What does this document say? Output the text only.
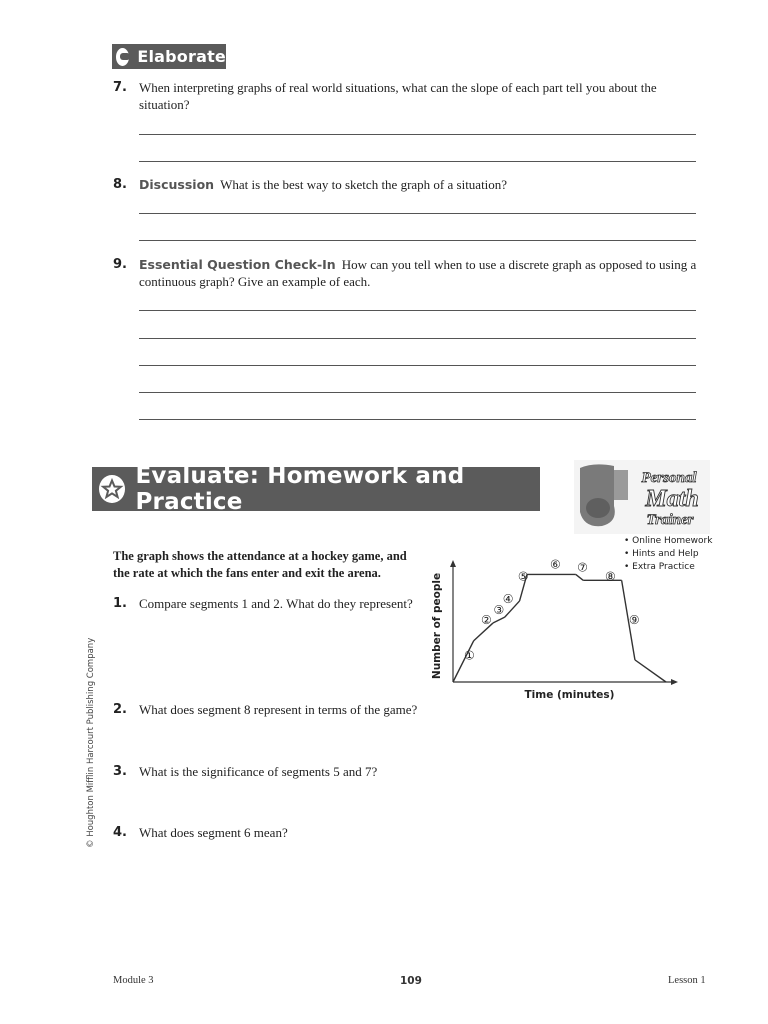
Elaborate
7. When interpreting graphs of real world situations, what can the slope of each part tell you about the
situation?
8. Discussion What is the best way to sketch the graph of a situation?
9. Essential Question Check-In How can you tell when to use a discrete graph as opposed to using a
continuous graph? Give an example of each.
Evaluate: Homework and Practice
Personal
Math
Trainer
• Online Homework
• Hints and Help
• Extra Practice
The graph shows the attendance at a hockey game, and
the rate at which the fans enter and exit the arena.
1. Compare segments 1 and 2. What do they represent?
2. What does segment 8 represent in terms of the game?
3. What is the significance of segments 5 and 7?
4. What does segment 6 mean?
①
②
③
④
⑤
⑥ ⑦
⑧
⑨
Number of people
Time (minutes)
© Houghton Mifflin Harcourt Publishing Company
Module 3	109	Lesson 1
